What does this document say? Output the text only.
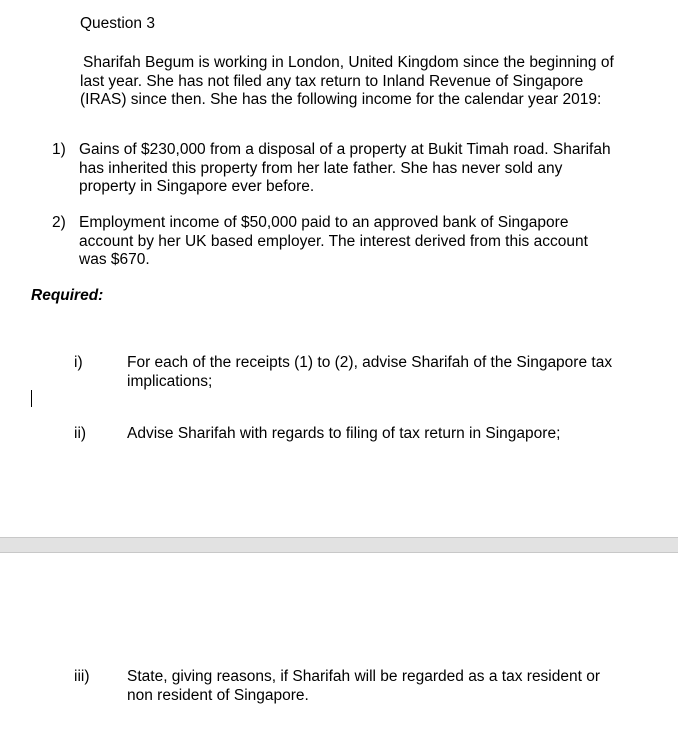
Question 3
Sharifah Begum is working in London, United Kingdom since the beginning of
last year. She has not filed any tax return to Inland Revenue of Singapore
(IRAS) since then. She has the following income for the calendar year 2019:
1) Gains of $230,000 from a disposal of a property at Bukit Timah road. Sharifah
has inherited this property from her late father. She has never sold any
property in Singapore ever before.
2) Employment income of $50,000 paid to an approved bank of Singapore
account by her UK based employer. The interest derived from this account
was $670.
Required:
i)	For each of the receipts (1) to (2), advise Sharifah of the Singapore tax
implications;
ii)	Advise Sharifah with regards to filing of tax return in Singapore;
iii) State, giving reasons, if Sharifah will be regarded as a tax resident or
non resident of Singapore.
